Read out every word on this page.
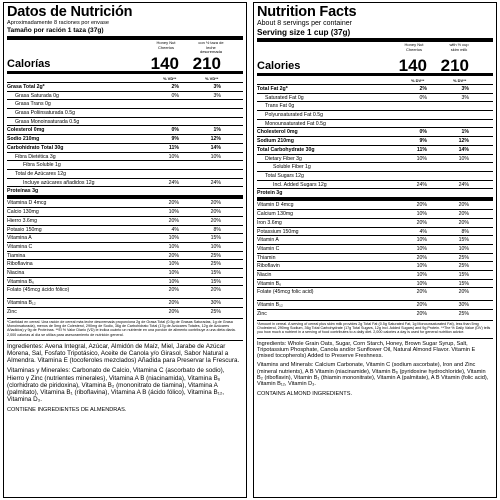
Datos de Nutrición
Aproximadamente 8 raciones por envase
Tamaño por ración 1 taza (37g)
Honey Nut Cheerios
con ½ taza de leche descremada
Calorías	140 210
% VD**	% VD**
Grasa Total 2g*	2%	3%
Grasa Saturada 0g	0%	3%
Grasa Trans 0g
Grasa Poliinsaturada 0.5g
Grasa Monoinsaturada 0.5g
Colesterol 0mg	0%	1%
Sodio 210mg	9%	12%
Carbohidrato Total 30g	11%	14%
Fibra Dietética 3g	10%	10%
Fibra Soluble 1g
Total de Azúcares 12g
Incluye azúcares añadidos 12g	24%	24%
Proteínas 3g
Vitamina D 4mcg	20%	20%
Calcio 130mg	10%	20%
Hierro 3.6mg	20%	20%
Potasio 150mg	4%	8%
Vitamina A	10%	15%
Vitamina C	10%	10%
Tiamina	20%	25%
Riboflavina	10%	25%
Niacina	10%	15%
Vitamina B₆	10%	15%
Folato (45mcg ácido fólico)	20%	20%
Vitamina B₁₂	20%	30%
Zinc	20%	25%
*Cantidad en cereal. Una ración de cereal más leche descremada proporciona 2g de Grasa Total (0.5g de Grasas Saturadas, 1g de Grasa Monoinsaturada), menos de 5mg de Colesterol, 290mg de Sodio, 36g de Carbohidrato Total (17g de Azúcares Totales, 12g de Azúcares Añadidos) y 9g de Proteínas. **El % Valor Diario (VD) le indica cuánto un nutriente en una porción de alimento contribuye a una dieta diaria. 2,000 calorías al día se utiliza para asesoramiento de nutrición general.

Ingredientes: Avena Integral, Azúcar, Almidón de Maíz, Miel, Jarabe de Azúcar Morena, Sal, Fosfato Tripotásico, Aceite de Canola y/o Girasol, Sabor Natural a Almendra. Vitamina E (tocoferoles mezclados) Añadida para Preservar la Frescura.

Vitaminas y Minerales: Carbonato de Calcio, Vitamina C (ascorbato de sodio), Hierro y Zinc (nutrientes minerales), Vitamina A B (niacinamida), Vitamina B₆ (clorhidrato de piridoxina), Vitamina B₂ (mononitrato de tiamina), Vitamina A (palmitato), Vitamina B₁ (riboflavina), Vitamina A B (ácido fólico), Vitamina B₁₂, Vitamina D₃.

CONTIENE INGREDIENTES DE ALMENDRAS.
Nutrition Facts
About 8 servings per container
Serving size 1 cup (37g)
Honey Nut Cheerios
with ½ cup skim milk
Calories	140 210
% DV**	% DV**
Total Fat 2g*	2%	3%
Saturated Fat 0g	0%	3%
Trans Fat 0g
Polyunsaturated Fat 0.5g
Monounsaturated Fat 0.5g
Cholesterol 0mg	0%	1%
Sodium 210mg	9%	12%
Total Carbohydrate 30g	11%	14%
Dietary Fiber 3g	10%	10%
Soluble Fiber 1g
Total Sugars 12g
Incl. Added Sugars 12g	24%	24%
Protein 3g
Vitamin D 4mcg	20%	20%
Calcium 130mg	10%	20%
Iron 3.6mg	20%	20%
Potassium 150mg	4%	8%
Vitamin A	10%	15%
Vitamin C	10%	10%
Thiamin	20%	25%
Riboflavin	10%	25%
Niacin	10%	15%
Vitamin B₆	10%	15%
Folate (45mcg folic acid)	20%	20%
Vitamin B₁₂	20%	30%
Zinc	20%	25%
*Amount in cereal. A serving of cereal plus skim milk provides 2g Total Fat (0.5g Saturated Fat, 1g Monounsaturated Fat), less than 5mg Cholesterol, 290mg Sodium, 36g Total Carbohydrate (17g Total Sugars, 12g Incl. Added Sugars) and 9g Protein. **The % Daily Value (DV) tells you how much a nutrient in a serving of food contributes to a daily diet. 2,000 calories a day is used for general nutrition advice.

Ingredients: Whole Grain Oats, Sugar, Corn Starch, Honey, Brown Sugar Syrup, Salt, Tripotassium Phosphate, Canola and/or Sunflower Oil, Natural Almond Flavor. Vitamin E (mixed tocopherols) Added to Preserve Freshness.

Vitamins and Minerals: Calcium Carbonate, Vitamin C (sodium ascorbate), Iron and Zinc (mineral nutrients), A B Vitamin (niacinamide), Vitamin B₆ (pyridoxine hydrochloride), Vitamin B₂ (riboflavin), Vitamin B₁ (thiamin mononitrate), Vitamin A (palmitate), A B Vitamin (folic acid), Vitamin B₁₂, Vitamin D₃.

CONTAINS ALMOND INGREDIENTS.
